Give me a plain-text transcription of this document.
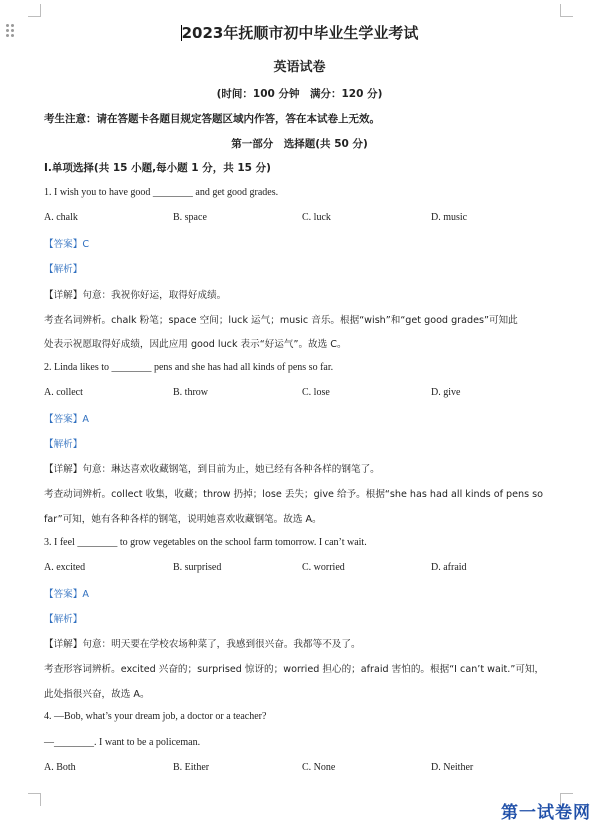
2023年抚顺市初中毕业生学业考试
英语试卷
(时间：100 分钟　满分：120 分)
考生注意：请在答题卡各题目规定答题区域内作答，答在本试卷上无效。
第一部分　选择题(共 50 分)
Ⅰ.单项选择(共 15 小题,每小题 1 分，共 15 分)
1. I wish you to have good ________ and get good grades.
A. chalk	B. space	C. luck	D. music
【答案】C
【解析】
【详解】句意：我祝你好运，取得好成绩。
考查名词辨析。chalk 粉笔；space 空间；luck 运气；music 音乐。根据“wish”和“get good grades”可知此
处表示祝愿取得好成绩，因此应用 good luck 表示“好运气”。故选 C。
2. Linda likes to ________ pens and she has had all kinds of pens so far.
A. collect	B. throw	C. lose	D. give
【答案】A
【解析】
【详解】句意：琳达喜欢收藏钢笔，到目前为止，她已经有各种各样的钢笔了。
考查动词辨析。collect 收集，收藏；throw 扔掉；lose 丢失；give 给予。根据“she has had all kinds of pens so
far”可知，她有各种各样的钢笔，说明她喜欢收藏钢笔。故选 A。
3. I feel ________ to grow vegetables on the school farm tomorrow. I can’t wait.
A. excited	B. surprised	C. worried	D. afraid
【答案】A
【解析】
【详解】句意：明天要在学校农场种菜了，我感到很兴奋。我都等不及了。
考查形容词辨析。excited 兴奋的；surprised 惊讶的；worried 担心的；afraid 害怕的。根据“I can’t wait.”可知，
此处指很兴奋，故选 A。
4. —Bob, what’s your dream job, a doctor or a teacher?
—________. I want to be a policeman.
A. Both	B. Either	C. None	D. Neither
第一试卷网
